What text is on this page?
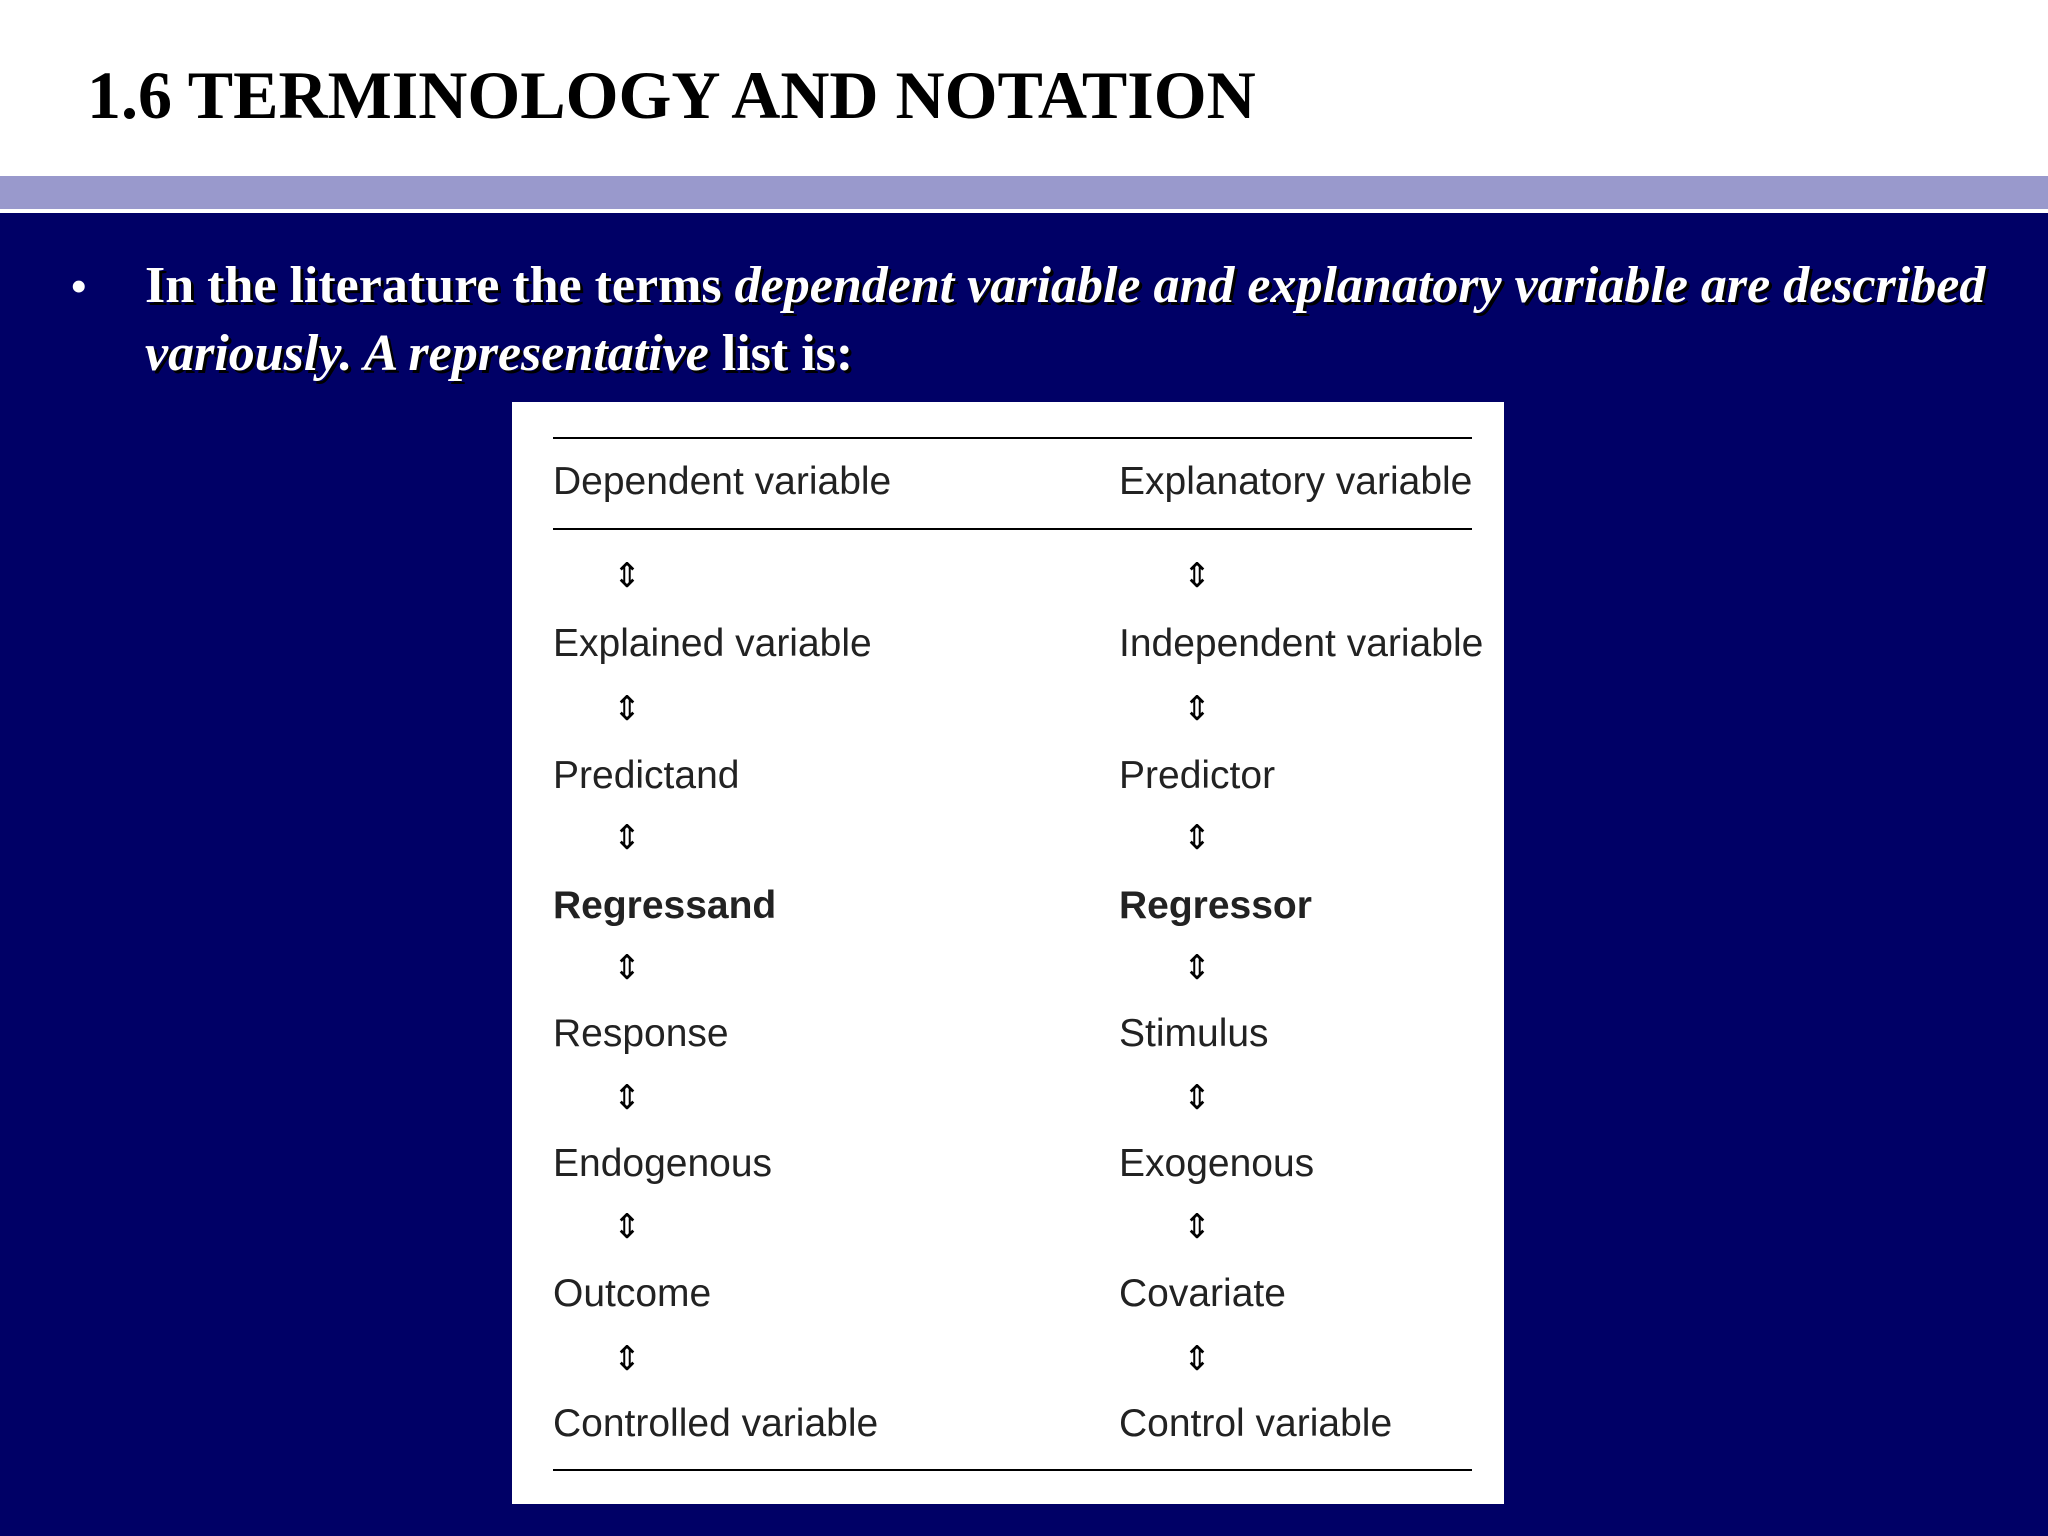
1.6 TERMINOLOGY AND NOTATION
• In the literature the terms dependent variable and explanatory variable are described variously. A representative list is:

Dependent variable	Explanatory variable
⇕	⇕
Explained variable	Independent variable
⇕	⇕
Predictand	Predictor
⇕	⇕
Regressand	Regressor
⇕	⇕
Response	Stimulus
⇕	⇕
Endogenous	Exogenous
⇕	⇕
Outcome	Covariate
⇕	⇕
Controlled variable	Control variable
